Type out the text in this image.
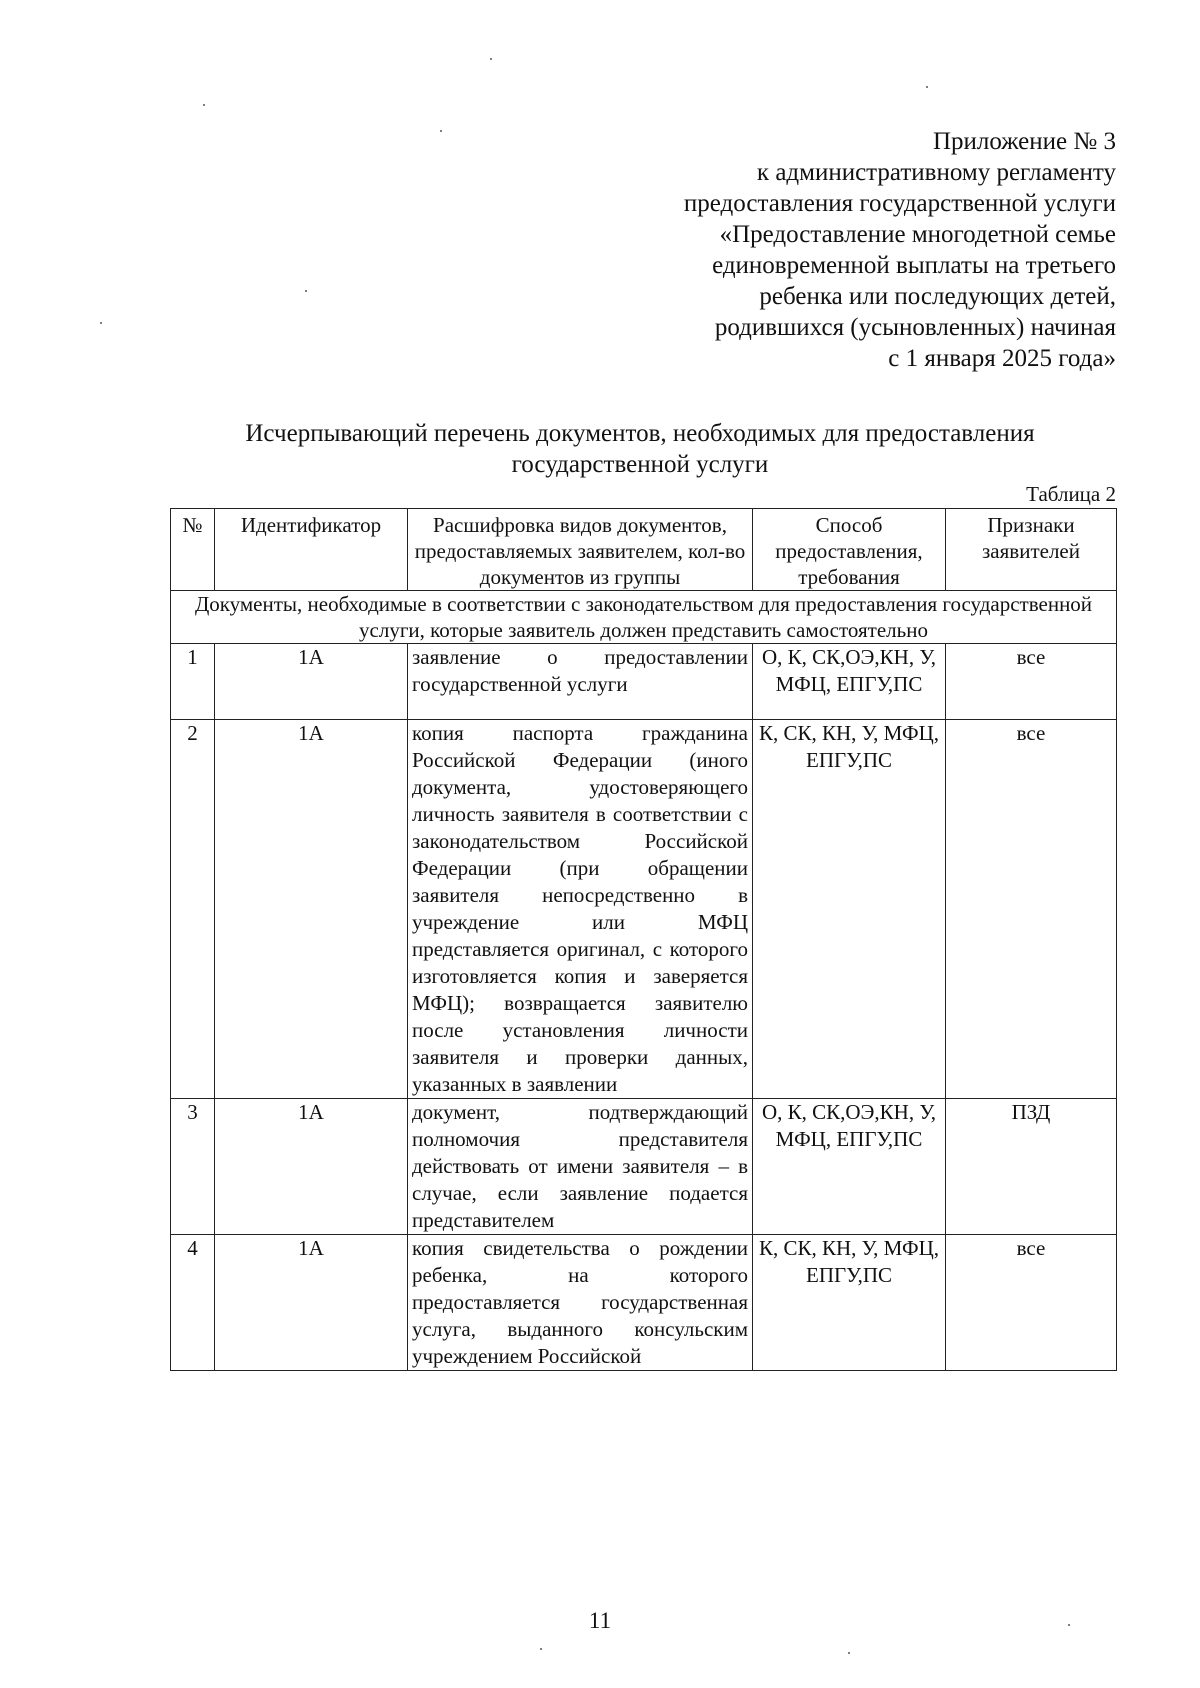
Приложение № 3
к административному регламенту
предоставления государственной услуги
«Предоставление многодетной семье
единовременной выплаты на третьего
ребенка или последующих детей,
родившихся (усыновленных) начиная
с 1 января 2025 года»
Исчерпывающий перечень документов, необходимых для предоставления
государственной услуги
Таблица 2
№	Идентификатор	Расшифровка видов документов, предоставляемых заявителем, кол-во документов из группы	Способ предоставления, требования	Признаки заявителей
Документы, необходимые в соответствии с законодательством для предоставления государственной услуги, которые заявитель должен представить самостоятельно				
1	1А	заявление о предоставлении государственной услуги	О, К, СК,ОЭ,КН, У, МФЦ, ЕПГУ,ПС	все
2	1А	копия паспорта гражданина Российской Федерации (иного документа, удостоверяющего личность заявителя в соответствии с законодательством Российской Федерации (при обращении заявителя непосредственно в учреждение или МФЦ представляется оригинал, с которого изготовляется копия и заверяется МФЦ); возвращается заявителю после установления личности заявителя и проверки данных, указанных в заявлении	К, СК, КН, У, МФЦ, ЕПГУ,ПС	все
3	1А	документ, подтверждающий полномочия представителя действовать от имени заявителя – в случае, если заявление подается представителем	О, К, СК,ОЭ,КН, У, МФЦ, ЕПГУ,ПС	ПЗД
4	1А	копия свидетельства о рождении ребенка, на которого предоставляется государственная услуга, выданного консульским учреждением Российской	К, СК, КН, У, МФЦ, ЕПГУ,ПС	все
11
